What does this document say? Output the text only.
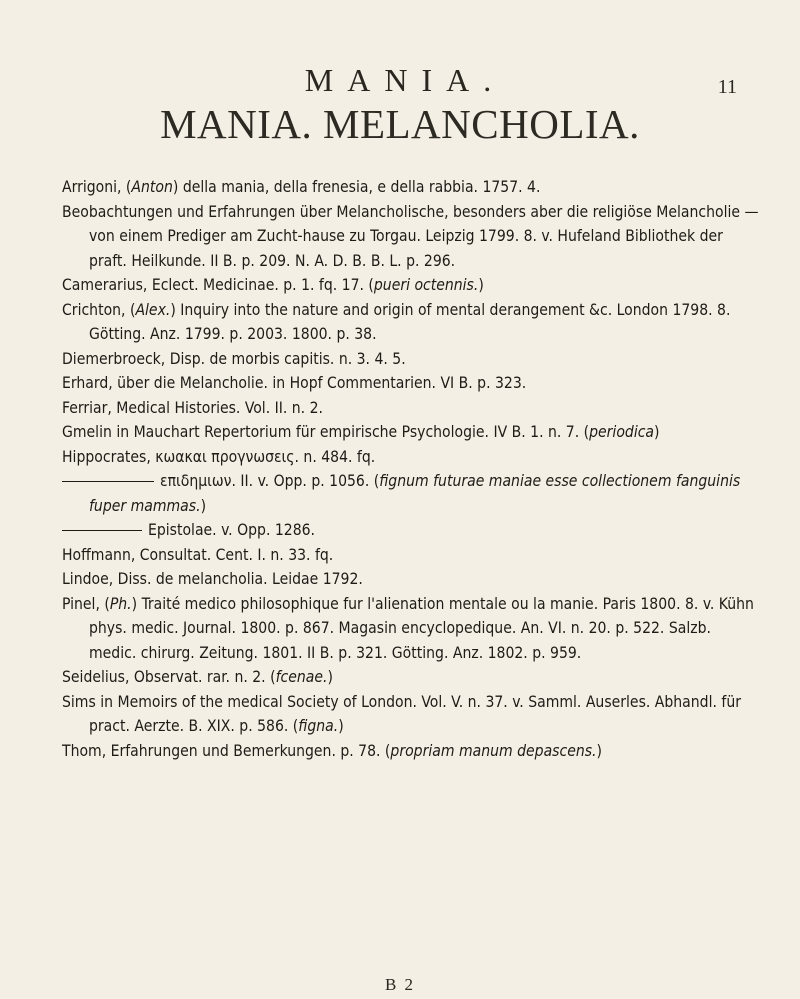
MANIA.	11
MANIA. MELANCHOLIA.

Arrigoni, (Anton) della mania, della frenesia, e della rabbia. 1757. 4.

Beobachtungen und Erfahrungen über Melancholische, besonders aber die religiöse Melancholie — von einem Prediger am Zucht-hause zu Torgau. Leipzig 1799. 8. v. Hufeland Bibliothek der praft. Heilkunde. II B. p. 209. N. A. D. B. B. L. p. 296.

Camerarius, Eclect. Medicinae. p. 1. fq. 17. (pueri octennis.)

Crichton, (Alex.) Inquiry into the nature and origin of mental derangement &c. London 1798. 8. Götting. Anz. 1799. p. 2003. 1800. p. 38.

Diemerbroeck, Disp. de morbis capitis. n. 3. 4. 5.

Erhard, über die Melancholie. in Hopf Commentarien. VI B. p. 323.

Ferriar, Medical Histories. Vol. II. n. 2.

Gmelin in Mauchart Repertorium für empirische Psychologie. IV B. 1. n. 7. (periodica)

Hippocrates, κωακαι προγνωσεις. n. 484. fq.

επιδημιων. II. v. Opp. p. 1056. (fignum futurae maniae esse collectionem fanguinis fuper mammas.)

Epistolae. v. Opp. 1286.

Hoffmann, Consultat. Cent. I. n. 33. fq.

Lindoe, Diss. de melancholia. Leidae 1792.

Pinel, (Ph.) Traité medico philosophique fur l'alienation mentale ou la manie. Paris 1800. 8. v. Kühn phys. medic. Journal. 1800. p. 867. Magasin encyclopedique. An. VI. n. 20. p. 522. Salzb. medic. chirurg. Zeitung. 1801. II B. p. 321. Götting. Anz. 1802. p. 959.

Seidelius, Observat. rar. n. 2. (fcenae.)

Sims in Memoirs of the medical Society of London. Vol. V. n. 37. v. Samml. Auserles. Abhandl. für pract. Aerzte. B. XIX. p. 586. (figna.)

Thom, Erfahrungen und Bemerkungen. p. 78. (propriam manum depascens.)

B 2
